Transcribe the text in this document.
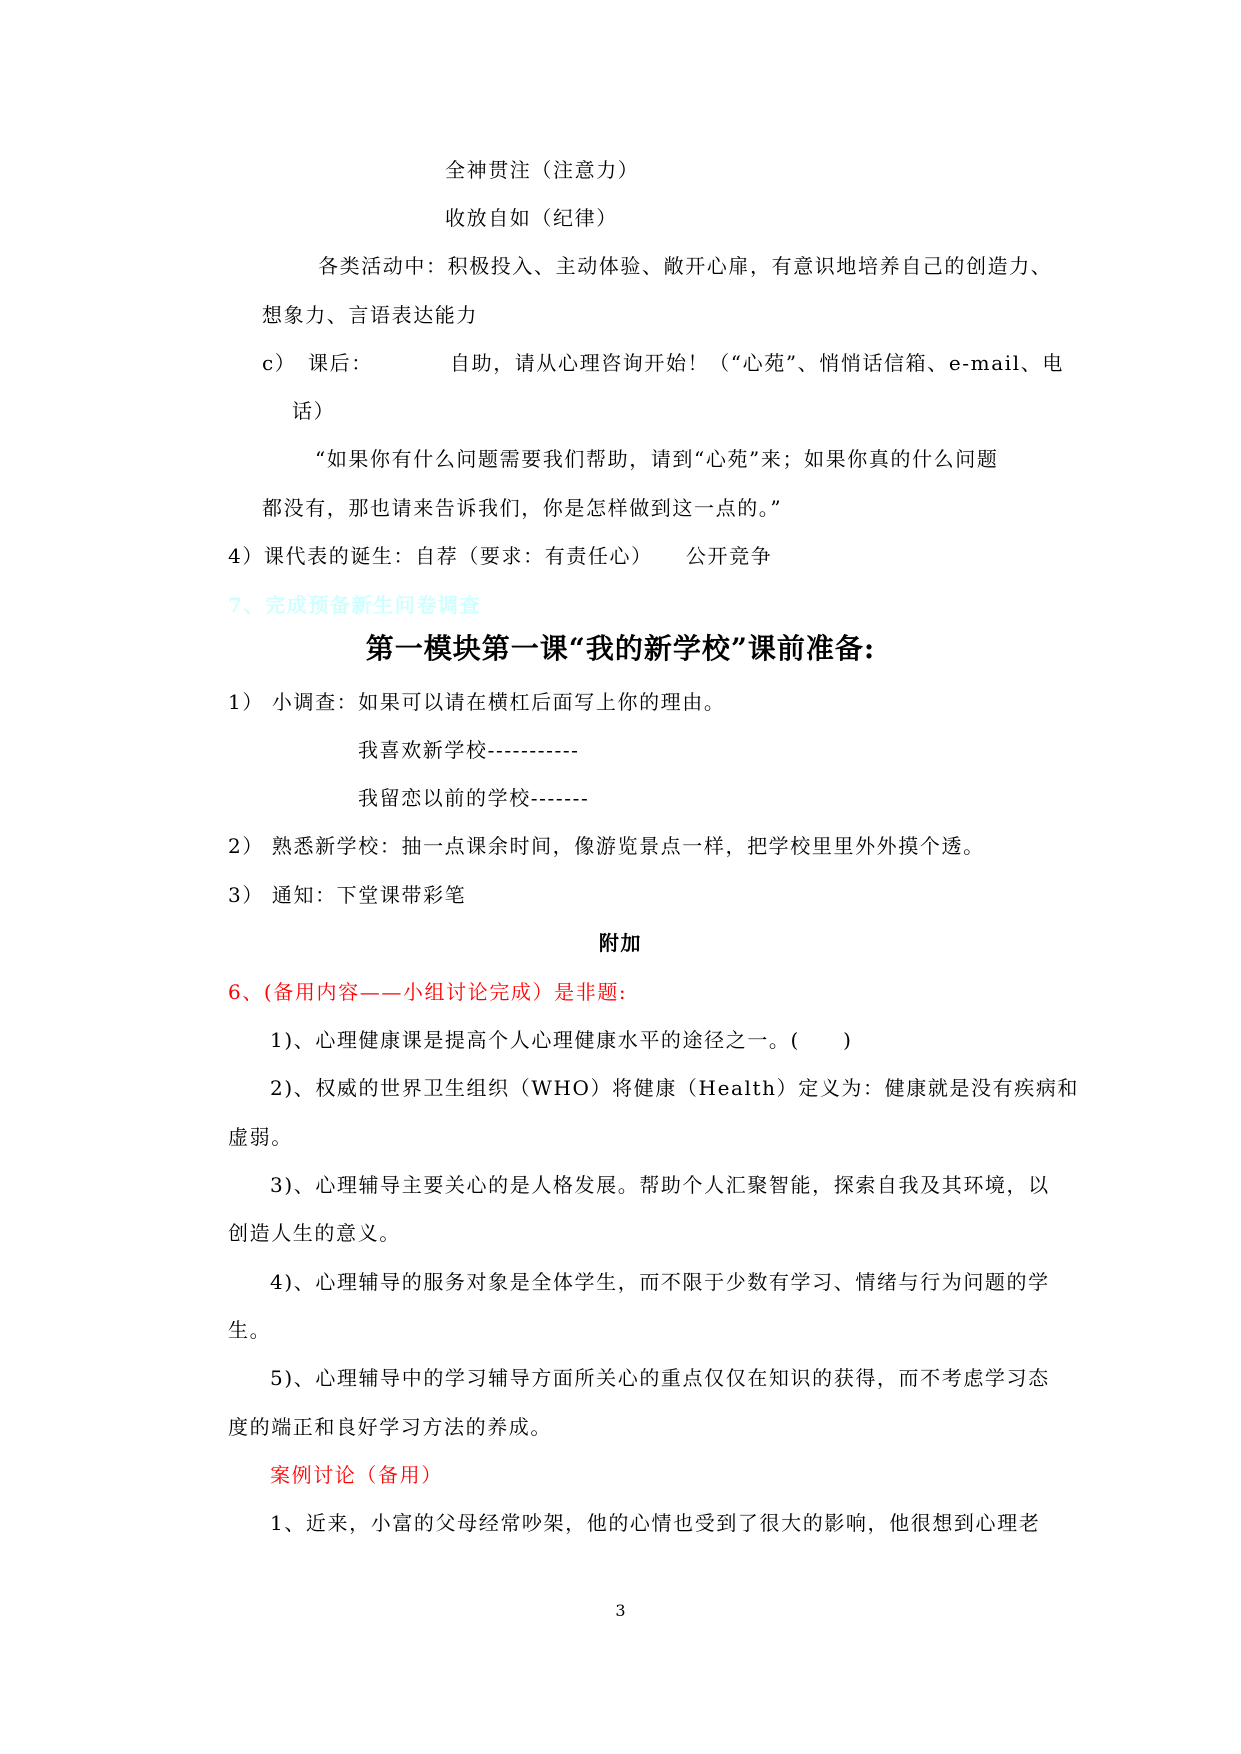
全神贯注（注意力）
收放自如（纪律）
各类活动中：积极投入、主动体验、敞开心扉，有意识地培养自己的创造力、
想象力、言语表达能力
c）　课后：	自助，请从心理咨询开始！（“心苑”、悄悄话信箱、e-mail、电
话）
“如果你有什么问题需要我们帮助，请到“心苑”来；如果你真的什么问题
都没有，那也请来告诉我们，你是怎样做到这一点的。”
4）课代表的诞生：自荐（要求：有责任心）　　公开竞争
7、完成预备新生问卷调查
第一模块第一课“我的新学校”课前准备:
1） 小调查：如果可以请在横杠后面写上你的理由。
我喜欢新学校-----------
我留恋以前的学校-------
2） 熟悉新学校：抽一点课余时间，像游览景点一样，把学校里里外外摸个透。
3） 通知：下堂课带彩笔
附加
6、(备用内容——小组讨论完成）是非题:
1)、心理健康课是提高个人心理健康水平的途径之一。(　　)
2)、权威的世界卫生组织（WHO）将健康（Health）定义为：健康就是没有疾病和
虚弱。
3)、心理辅导主要关心的是人格发展。帮助个人汇聚智能，探索自我及其环境，以
创造人生的意义。
4)、心理辅导的服务对象是全体学生，而不限于少数有学习、情绪与行为问题的学
生。
5)、心理辅导中的学习辅导方面所关心的重点仅仅在知识的获得，而不考虑学习态
度的端正和良好学习方法的养成。
案例讨论（备用）
1、近来，小富的父母经常吵架，他的心情也受到了很大的影响，他很想到心理老
3
